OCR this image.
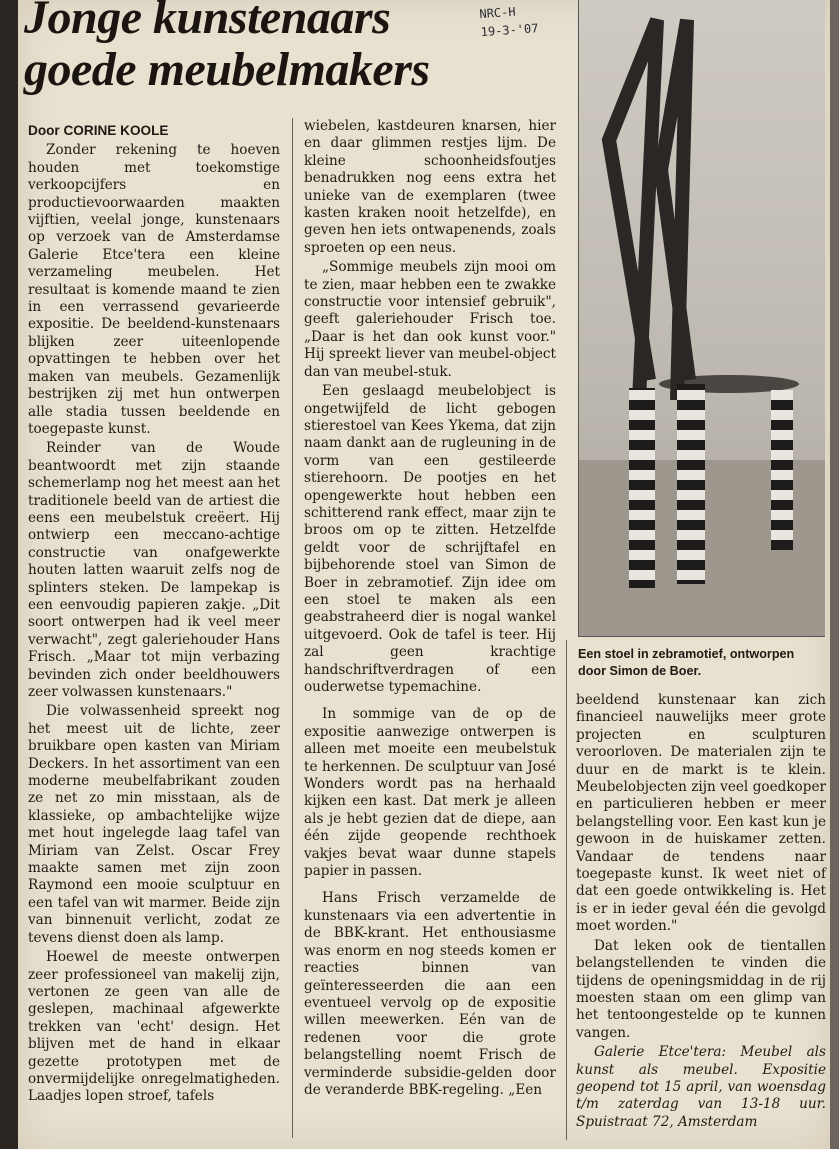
Jonge kunstenaars goede meubelmakers
NRC-H
19-3-'07
Door CORINE KOOLE

Zonder rekening te hoeven houden met toekomstige verkoopcijfers en productievoorwaarden maakten vijftien, veelal jonge, kunstenaars op verzoek van de Amsterdamse Galerie Etce'tera een kleine verzameling meubelen. Het resultaat is komende maand te zien in een verrassend gevarieerde expositie. De beeldend-kunstenaars blijken zeer uiteenlopende opvattingen te hebben over het maken van meubels. Gezamenlijk bestrijken zij met hun ontwerpen alle stadia tussen beeldende en toegepaste kunst.

Reinder van de Woude beantwoordt met zijn staande schemerlamp nog het meest aan het traditionele beeld van de artiest die eens een meubelstuk creëert. Hij ontwierp een meccano-achtige constructie van onafgewerkte houten latten waaruit zelfs nog de splinters steken. De lampekap is een eenvoudig papieren zakje. „Dit soort ontwerpen had ik veel meer verwacht", zegt galeriehouder Hans Frisch. „Maar tot mijn verbazing bevinden zich onder beeldhouwers zeer volwassen kunstenaars."

Die volwassenheid spreekt nog het meest uit de lichte, zeer bruikbare open kasten van Miriam Deckers. In het assortiment van een moderne meubelfabrikant zouden ze net zo min misstaan, als de klassieke, op ambachtelijke wijze met hout ingelegde laag tafel van Miriam van Zelst. Oscar Frey maakte samen met zijn zoon Raymond een mooie sculptuur en een tafel van wit marmer. Beide zijn van binnenuit verlicht, zodat ze tevens dienst doen als lamp.

Hoewel de meeste ontwerpen zeer professioneel van makelij zijn, vertonen ze geen van alle de geslepen, machinaal afgewerkte trekken van 'echt' design. Het blijven met de hand in elkaar gezette prototypen met de onvermijdelijke onregelmatigheden. Laadjes lopen stroef, tafels

wiebelen, kastdeuren knarsen, hier en daar glimmen restjes lijm. De kleine schoonheidsfoutjes benadrukken nog eens extra het unieke van de exemplaren (twee kasten kraken nooit hetzelfde), en geven hen iets ontwapenends, zoals sproeten op een neus.

„Sommige meubels zijn mooi om te zien, maar hebben een te zwakke constructie voor intensief gebruik", geeft galeriehouder Frisch toe. „Daar is het dan ook kunst voor." Hij spreekt liever van meubel-object dan van meubel-stuk.

Een geslaagd meubelobject is ongetwijfeld de licht gebogen stierestoel van Kees Ykema, dat zijn naam dankt aan de rugleuning in de vorm van een gestileerde stierehoorn. De pootjes en het opengewerkte hout hebben een schitterend rank effect, maar zijn te broos om op te zitten. Hetzelfde geldt voor de schrijftafel en bijbehorende stoel van Simon de Boer in zebramotief. Zijn idee om een stoel te maken als een geabstraheerd dier is nogal wankel uitgevoerd. Ook de tafel is teer. Hij zal geen krachtige handschriftverdragen of een ouderwetse typemachine.

In sommige van de op de expositie aanwezige ontwerpen is alleen met moeite een meubelstuk te herkennen. De sculptuur van José Wonders wordt pas na herhaald kijken een kast. Dat merk je alleen als je hebt gezien dat de diepe, aan één zijde geopende rechthoek vakjes bevat waar dunne stapels papier in passen.

Hans Frisch verzamelde de kunstenaars via een advertentie in de BBK-krant. Het enthousiasme was enorm en nog steeds komen er reacties binnen van geïnteresseerden die aan een eventueel vervolg op de expositie willen meewerken. Eén van de redenen voor die grote belangstelling noemt Frisch de verminderde subsidie-gelden door de veranderde BBK-regeling. „Een

Een stoel in zebramotief, ontworpen door Simon de Boer.

beeldend kunstenaar kan zich financieel nauwelijks meer grote projecten en sculpturen veroorloven. De materialen zijn te duur en de markt is te klein. Meubelobjecten zijn veel goedkoper en particulieren hebben er meer belangstelling voor. Een kast kun je gewoon in de huiskamer zetten. Vandaar de tendens naar toegepaste kunst. Ik weet niet of dat een goede ontwikkeling is. Het is er in ieder geval één die gevolgd moet worden."

Dat leken ook de tientallen belangstellenden te vinden die tijdens de openingsmiddag in de rij moesten staan om een glimp van het tentoongestelde op te kunnen vangen.

Galerie Etce'tera: Meubel als kunst als meubel. Expositie geopend tot 15 april, van woensdag t/m zaterdag van 13-18 uur. Spuistraat 72, Amsterdam
